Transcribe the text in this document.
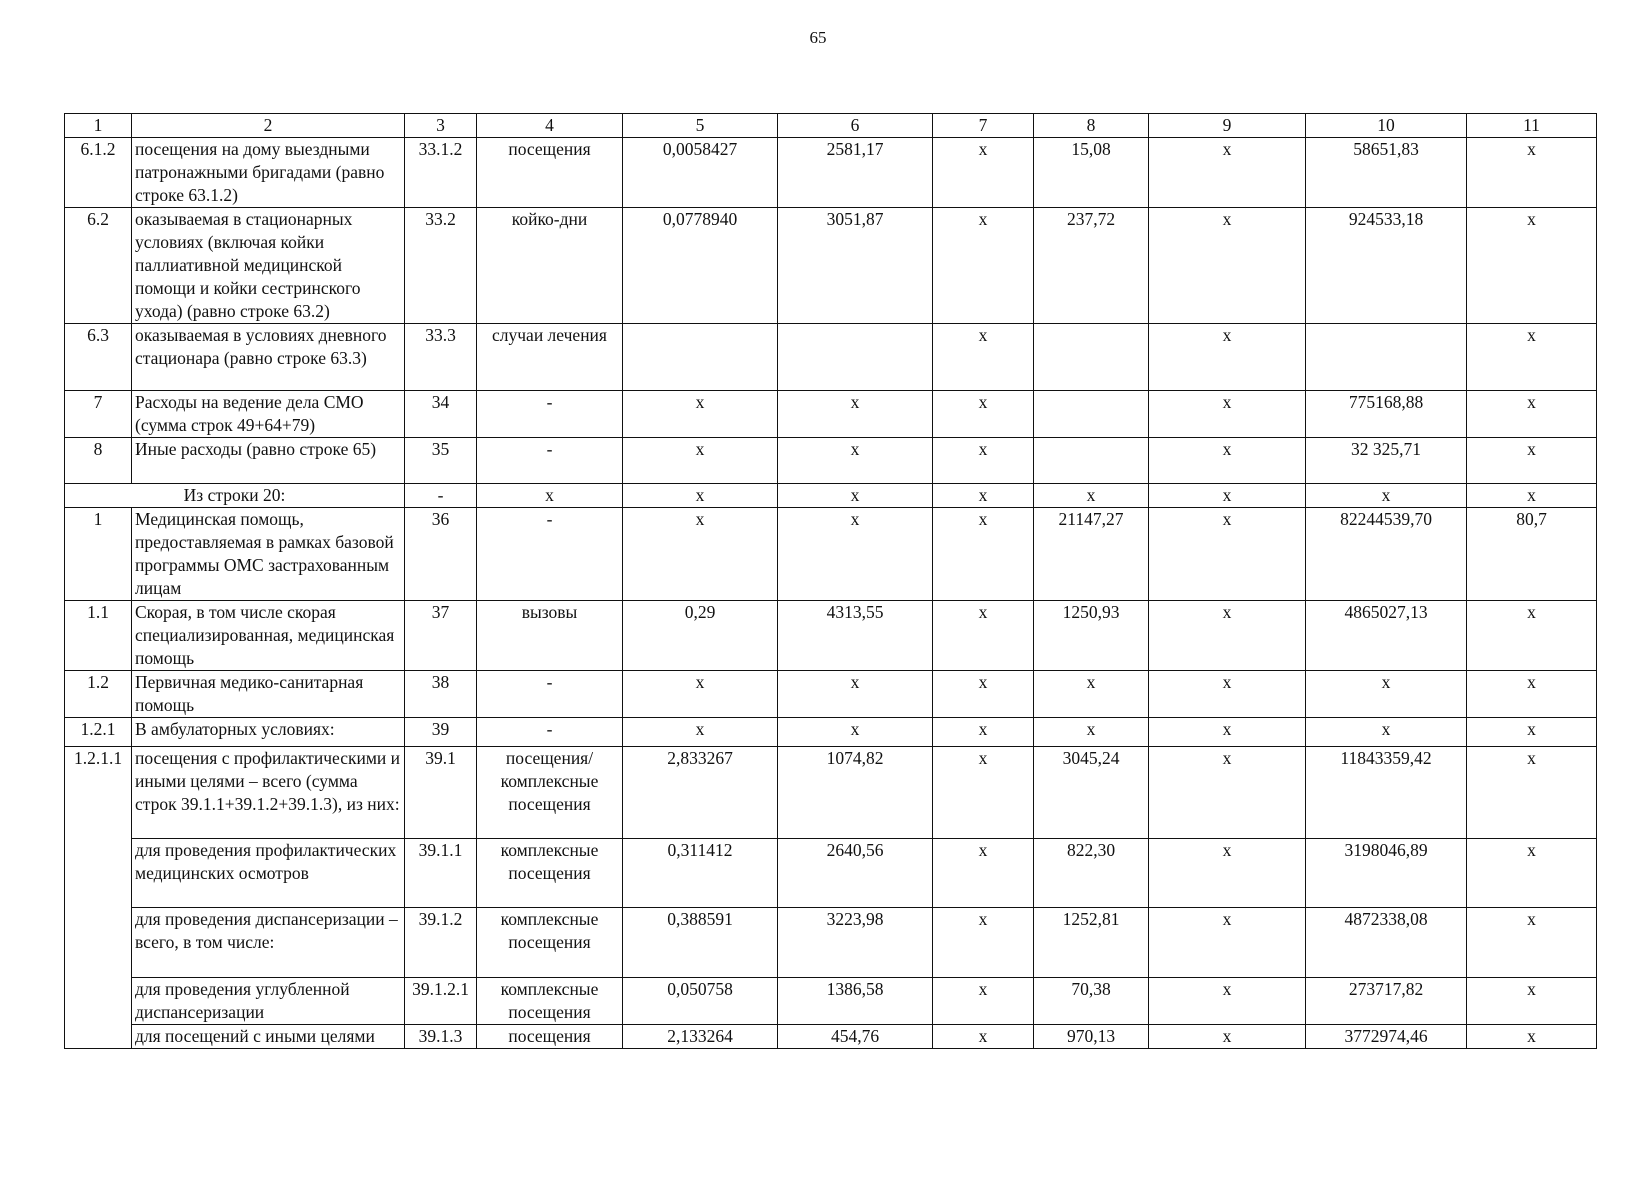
65
1	2	3	4	5	6	7	8	9	10	11
6.1.2	посещения на дому выездными патронажными бригадами (равно строке 63.1.2)	33.1.2	посещения	0,0058427	2581,17	х	15,08	х	58651,83	х
6.2	оказываемая в стационарных условиях (включая койки паллиативной медицинской помощи и койки сестринского ухода) (равно строке 63.2)	33.2	койко-дни	0,0778940	3051,87	х	237,72	х	924533,18	х
6.3	оказываемая в условиях дневного стационара (равно строке 63.3)	33.3	случаи лечения			х		х		х
7	Расходы на ведение дела СМО (сумма строк 49+64+79)	34	-	х	х	х		х	775168,88	х
8	Иные расходы (равно строке 65)	35	-	х	х	х		х	32 325,71	х
Из строки 20:		-	х	х	х	х	х	х	х	х
1	Медицинская помощь, предоставляемая в рамках базовой программы ОМС застрахованным лицам	36	-	х	х	х	21147,27	х	82244539,70	80,7
1.1	Скорая, в том числе скорая специализированная, медицинская помощь	37	вызовы	0,29	4313,55	х	1250,93	х	4865027,13	х
1.2	Первичная медико-санитарная помощь	38	-	х	х	х	х	х	х	х
1.2.1	В амбулаторных условиях:	39	-	х	х	х	х	х	х	х
1.2.1.1	посещения с профилактическими и иными целями – всего (сумма строк 39.1.1+39.1.2+39.1.3), из них:	39.1	посещения/ комплексные посещения	2,833267	1074,82	х	3045,24	х	11843359,42	х
	для проведения профилактических медицинских осмотров	39.1.1	комплексные посещения	0,311412	2640,56	х	822,30	х	3198046,89	х
	для проведения диспансеризации – всего, в том числе:	39.1.2	комплексные посещения	0,388591	3223,98	х	1252,81	х	4872338,08	х
	для проведения углубленной диспансеризации	39.1.2.1	комплексные посещения	0,050758	1386,58	х	70,38	х	273717,82	х
	для посещений с иными целями	39.1.3	посещения	2,133264	454,76	х	970,13	х	3772974,46	х
